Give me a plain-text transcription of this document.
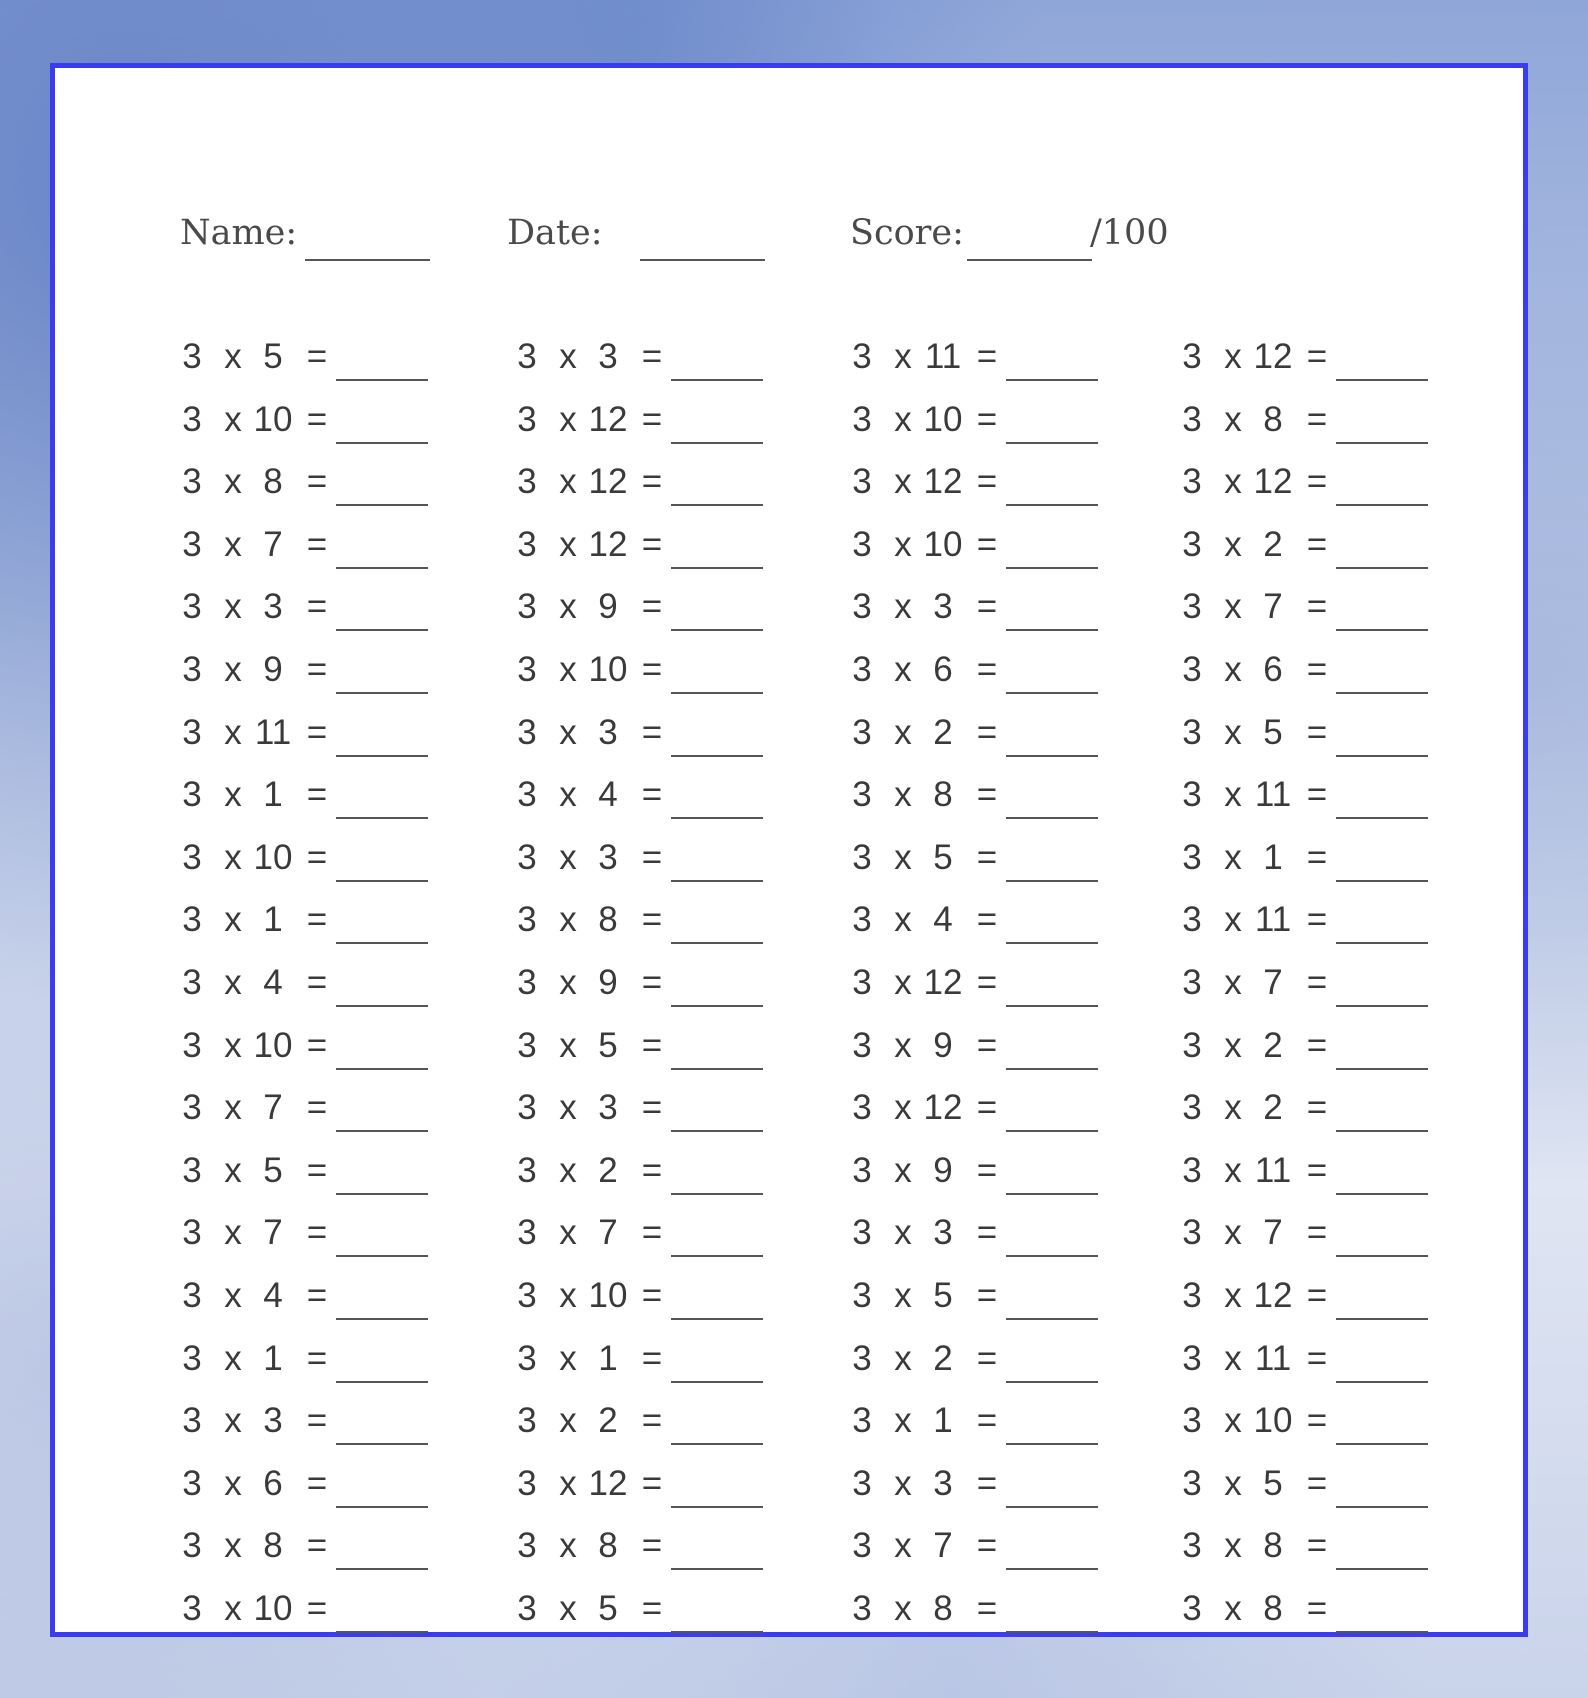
Name:	Date:	Score:	/100
3 x 5 =
3 x 10 =
3 x 8 =
3 x 7 =
3 x 3 =
3 x 9 =
3 x 11 =
3 x 1 =
3 x 10 =
3 x 1 =
3 x 4 =
3 x 10 =
3 x 7 =
3 x 5 =
3 x 7 =
3 x 4 =
3 x 1 =
3 x 3 =
3 x 6 =
3 x 8 =
3 x 10 =
3 x 3 =
3 x 12 =
3 x 12 =
3 x 12 =
3 x 9 =
3 x 10 =
3 x 3 =
3 x 4 =
3 x 3 =
3 x 8 =
3 x 9 =
3 x 5 =
3 x 3 =
3 x 2 =
3 x 7 =
3 x 10 =
3 x 1 =
3 x 2 =
3 x 12 =
3 x 8 =
3 x 5 =
3 x 11 =
3 x 10 =
3 x 12 =
3 x 10 =
3 x 3 =
3 x 6 =
3 x 2 =
3 x 8 =
3 x 5 =
3 x 4 =
3 x 12 =
3 x 9 =
3 x 12 =
3 x 9 =
3 x 3 =
3 x 5 =
3 x 2 =
3 x 1 =
3 x 3 =
3 x 7 =
3 x 8 =
3 x 12 =
3 x 8 =
3 x 12 =
3 x 2 =
3 x 7 =
3 x 6 =
3 x 5 =
3 x 11 =
3 x 1 =
3 x 11 =
3 x 7 =
3 x 2 =
3 x 2 =
3 x 11 =
3 x 7 =
3 x 12 =
3 x 11 =
3 x 10 =
3 x 5 =
3 x 8 =
3 x 8 =
